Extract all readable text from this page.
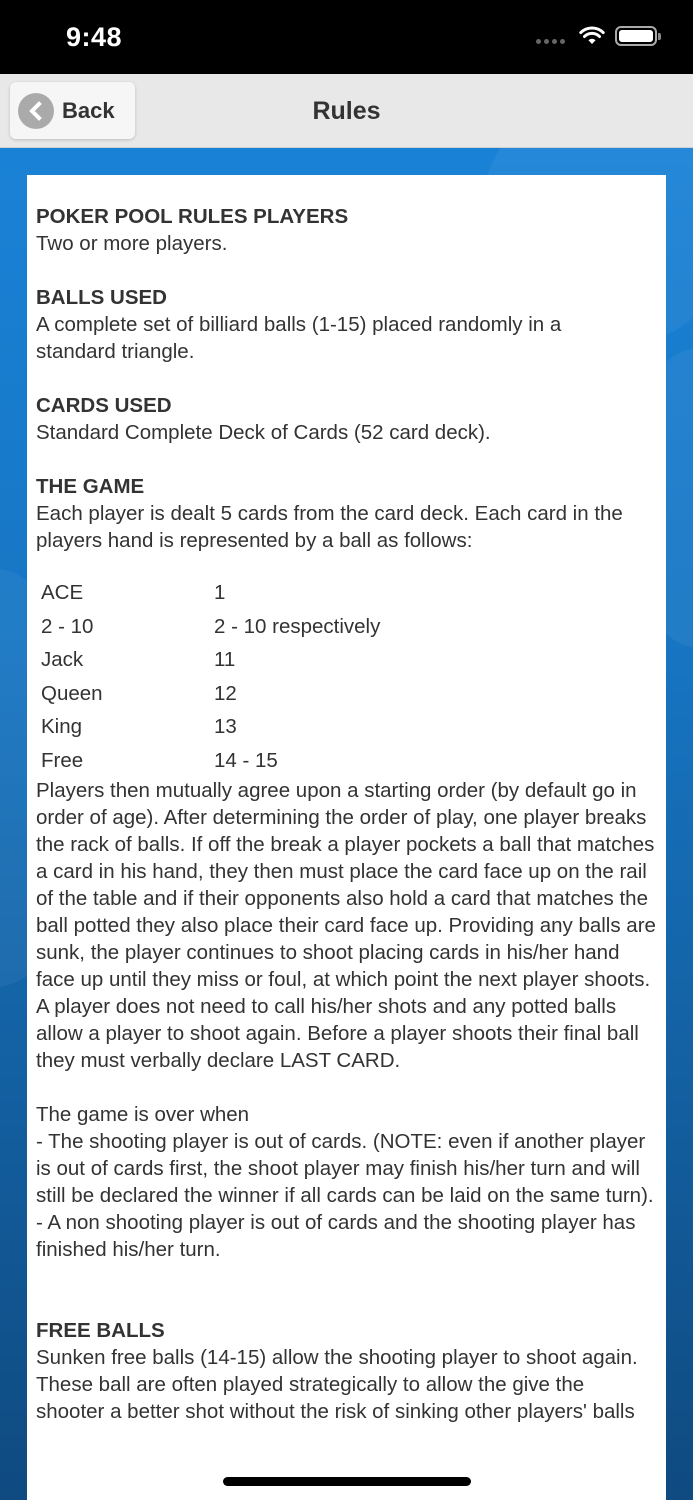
9:48
Back	Rules
POKER POOL RULES PLAYERS
Two or more players.
BALLS USED
A complete set of billiard balls (1-15) placed randomly in a standard triangle.
CARDS USED
Standard Complete Deck of Cards (52 card deck).
THE GAME
Each player is dealt 5 cards from the card deck. Each card in the players hand is represented by a ball as follows:
ACE	1
2 - 10	2 - 10 respectively
Jack	11
Queen	12
King	13
Free	14 - 15
Players then mutually agree upon a starting order (by default go in order of age). After determining the order of play, one player breaks the rack of balls. If off the break a player pockets a ball that matches a card in his hand, they then must place the card face up on the rail of the table and if their opponents also hold a card that matches the ball potted they also place their card face up. Providing any balls are sunk, the player continues to shoot placing cards in his/her hand face up until they miss or foul, at which point the next player shoots. A player does not need to call his/her shots and any potted balls allow a player to shoot again. Before a player shoots their final ball they must verbally declare LAST CARD.
The game is over when
- The shooting player is out of cards. (NOTE: even if another player is out of cards first, the shoot player may finish his/her turn and will still be declared the winner if all cards can be laid on the same turn).
- A non shooting player is out of cards and the shooting player has finished his/her turn.
FREE BALLS
Sunken free balls (14-15) allow the shooting player to shoot again. These ball are often played strategically to allow the give the shooter a better shot without the risk of sinking other players' balls
